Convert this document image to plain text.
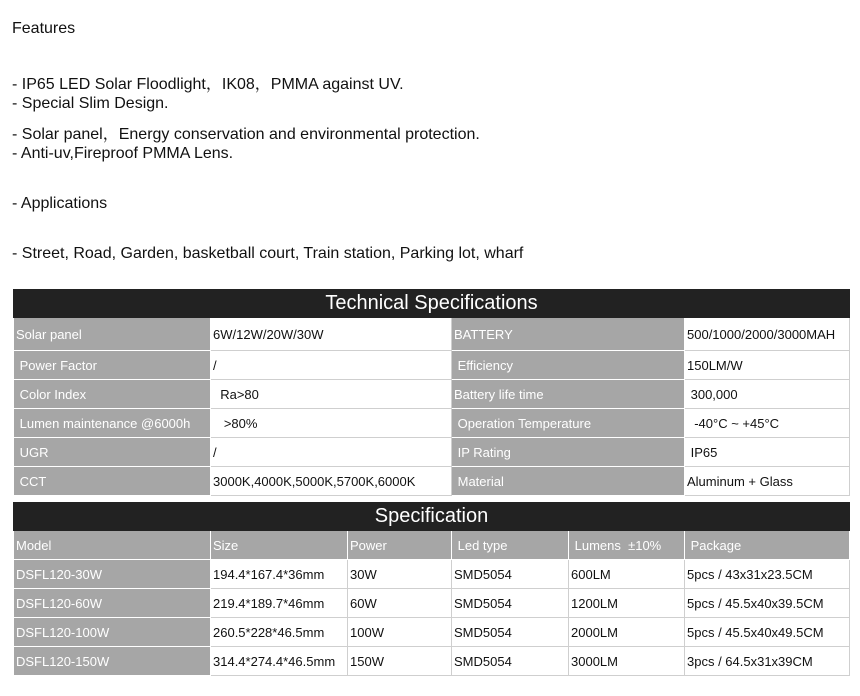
Features
- IP65 LED Solar Floodlight，IK08，PMMA against UV.
- Special Slim Design.
- Solar panel，Energy conservation and environmental protection.
- Anti-uv,Fireproof PMMA Lens.
- Applications
- Street, Road, Garden, basketball court, Train station, Parking lot, wharf
Technical Specifications			
Solar panel	6W/12W/20W/30W	BATTERY	500/1000/2000/3000MAH
Power Factor	/	Efficiency	150LM/W
Color Index	Ra>80	Battery life time	300,000
Lumen maintenance @6000h	>80%	Operation Temperature	-40°C ~ +45°C
UGR	/	IP Rating	IP65
CCT	3000K,4000K,5000K,5700K,6000K	Material	Aluminum + Glass
Specification					
Model	Size	Power	Led type	Lumens  ±10%	Package
DSFL120-30W	194.4*167.4*36mm	30W	SMD5054	600LM	5pcs / 43x31x23.5CM
DSFL120-60W	219.4*189.7*46mm	60W	SMD5054	1200LM	5pcs / 45.5x40x39.5CM
DSFL120-100W	260.5*228*46.5mm	100W	SMD5054	2000LM	5pcs / 45.5x40x49.5CM
DSFL120-150W	314.4*274.4*46.5mm	150W	SMD5054	3000LM	3pcs / 64.5x31x39CM
